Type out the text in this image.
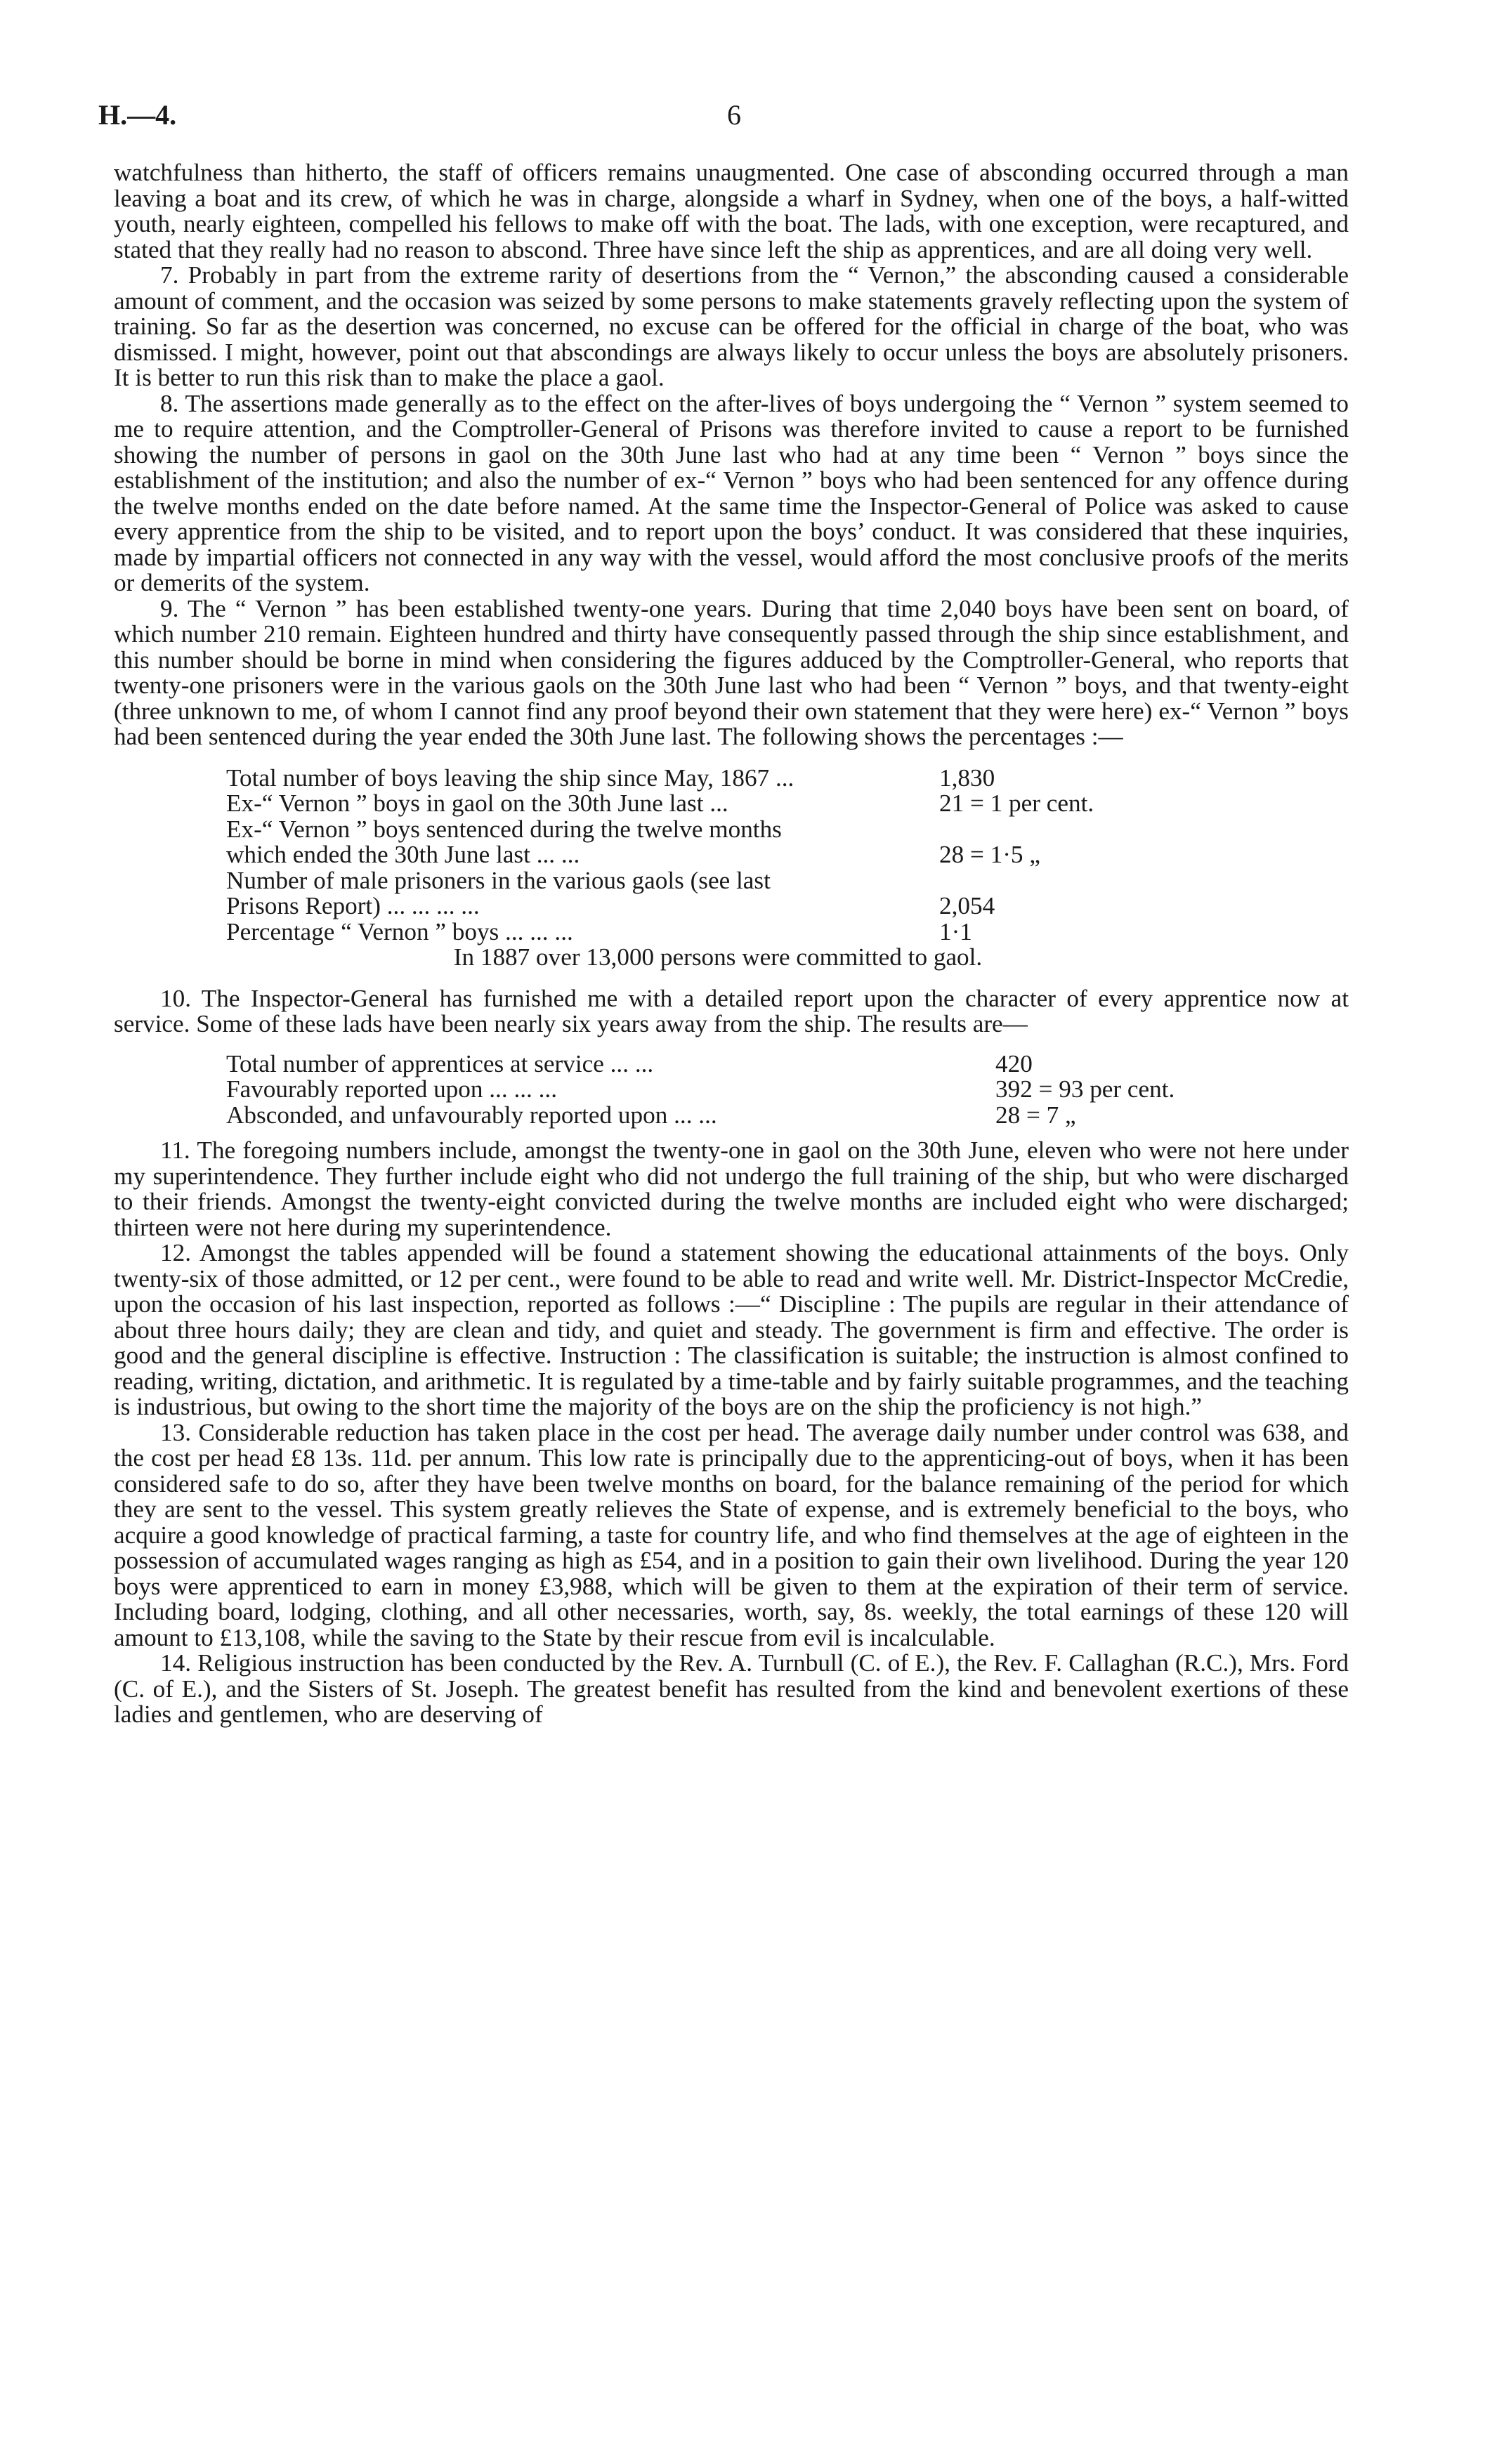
H.—4.	6

watchfulness than hitherto, the staff of officers remains unaugmented. One case of absconding occurred through a man leaving a boat and its crew, of which he was in charge, alongside a wharf in Sydney, when one of the boys, a half-witted youth, nearly eighteen, compelled his fellows to make off with the boat. The lads, with one exception, were recaptured, and stated that they really had no reason to abscond. Three have since left the ship as apprentices, and are all doing very well.

7. Probably in part from the extreme rarity of desertions from the “ Vernon,” the absconding caused a considerable amount of comment, and the occasion was seized by some persons to make statements gravely reflecting upon the system of training. So far as the desertion was concerned, no excuse can be offered for the official in charge of the boat, who was dismissed. I might, however, point out that abscondings are always likely to occur unless the boys are absolutely prisoners. It is better to run this risk than to make the place a gaol.

8. The assertions made generally as to the effect on the after-lives of boys undergoing the “ Vernon ” system seemed to me to require attention, and the Comptroller-General of Prisons was therefore invited to cause a report to be furnished showing the number of persons in gaol on the 30th June last who had at any time been “ Vernon ” boys since the establishment of the institution; and also the number of ex-“ Vernon ” boys who had been sentenced for any offence during the twelve months ended on the date before named. At the same time the Inspector-General of Police was asked to cause every apprentice from the ship to be visited, and to report upon the boys’ conduct. It was considered that these inquiries, made by impartial officers not connected in any way with the vessel, would afford the most conclusive proofs of the merits or demerits of the system.

9. The “ Vernon ” has been established twenty-one years. During that time 2,040 boys have been sent on board, of which number 210 remain. Eighteen hundred and thirty have consequently passed through the ship since establishment, and this number should be borne in mind when considering the figures adduced by the Comptroller-General, who reports that twenty-one prisoners were in the various gaols on the 30th June last who had been “ Vernon ” boys, and that twenty-eight (three unknown to me, of whom I cannot find any proof beyond their own statement that they were here) ex-“ Vernon ” boys had been sentenced during the year ended the 30th June last. The following shows the percentages :—

Total number of boys leaving the ship since May, 1867 ...	1,830
Ex-“ Vernon ” boys in gaol on the 30th June last ...	21 = 1 per cent.
Ex-“ Vernon ” boys sentenced during the twelve months	
which ended the 30th June last ... ...	28 = 1·5 „
Number of male prisoners in the various gaols (see last	
Prisons Report) ... ... ... ...	2,054
Percentage “ Vernon ” boys ... ... ...	1·1
In 1887 over 13,000 persons were committed to gaol.	

10. The Inspector-General has furnished me with a detailed report upon the character of every apprentice now at service. Some of these lads have been nearly six years away from the ship. The results are—

Total number of apprentices at service ... ...	420
Favourably reported upon ... ... ...	392 = 93 per cent.
Absconded, and unfavourably reported upon ... ...	28 = 7 „

11. The foregoing numbers include, amongst the twenty-one in gaol on the 30th June, eleven who were not here under my superintendence. They further include eight who did not undergo the full training of the ship, but who were discharged to their friends. Amongst the twenty-eight convicted during the twelve months are included eight who were discharged; thirteen were not here during my superintendence.

12. Amongst the tables appended will be found a statement showing the educational attainments of the boys. Only twenty-six of those admitted, or 12 per cent., were found to be able to read and write well. Mr. District-Inspector McCredie, upon the occasion of his last inspection, reported as follows :—“ Discipline : The pupils are regular in their attendance of about three hours daily; they are clean and tidy, and quiet and steady. The government is firm and effective. The order is good and the general discipline is effective. Instruction : The classification is suitable; the instruction is almost confined to reading, writing, dictation, and arithmetic. It is regulated by a time-table and by fairly suitable programmes, and the teaching is industrious, but owing to the short time the majority of the boys are on the ship the proficiency is not high.”

13. Considerable reduction has taken place in the cost per head. The average daily number under control was 638, and the cost per head £8 13s. 11d. per annum. This low rate is principally due to the apprenticing-out of boys, when it has been considered safe to do so, after they have been twelve months on board, for the balance remaining of the period for which they are sent to the vessel. This system greatly relieves the State of expense, and is extremely beneficial to the boys, who acquire a good knowledge of practical farming, a taste for country life, and who find themselves at the age of eighteen in the possession of accumulated wages ranging as high as £54, and in a position to gain their own livelihood. During the year 120 boys were apprenticed to earn in money £3,988, which will be given to them at the expiration of their term of service. Including board, lodging, clothing, and all other necessaries, worth, say, 8s. weekly, the total earnings of these 120 will amount to £13,108, while the saving to the State by their rescue from evil is incalculable.

14. Religious instruction has been conducted by the Rev. A. Turnbull (C. of E.), the Rev. F. Callaghan (R.C.), Mrs. Ford (C. of E.), and the Sisters of St. Joseph. The greatest benefit has resulted from the kind and benevolent exertions of these ladies and gentlemen, who are deserving of
